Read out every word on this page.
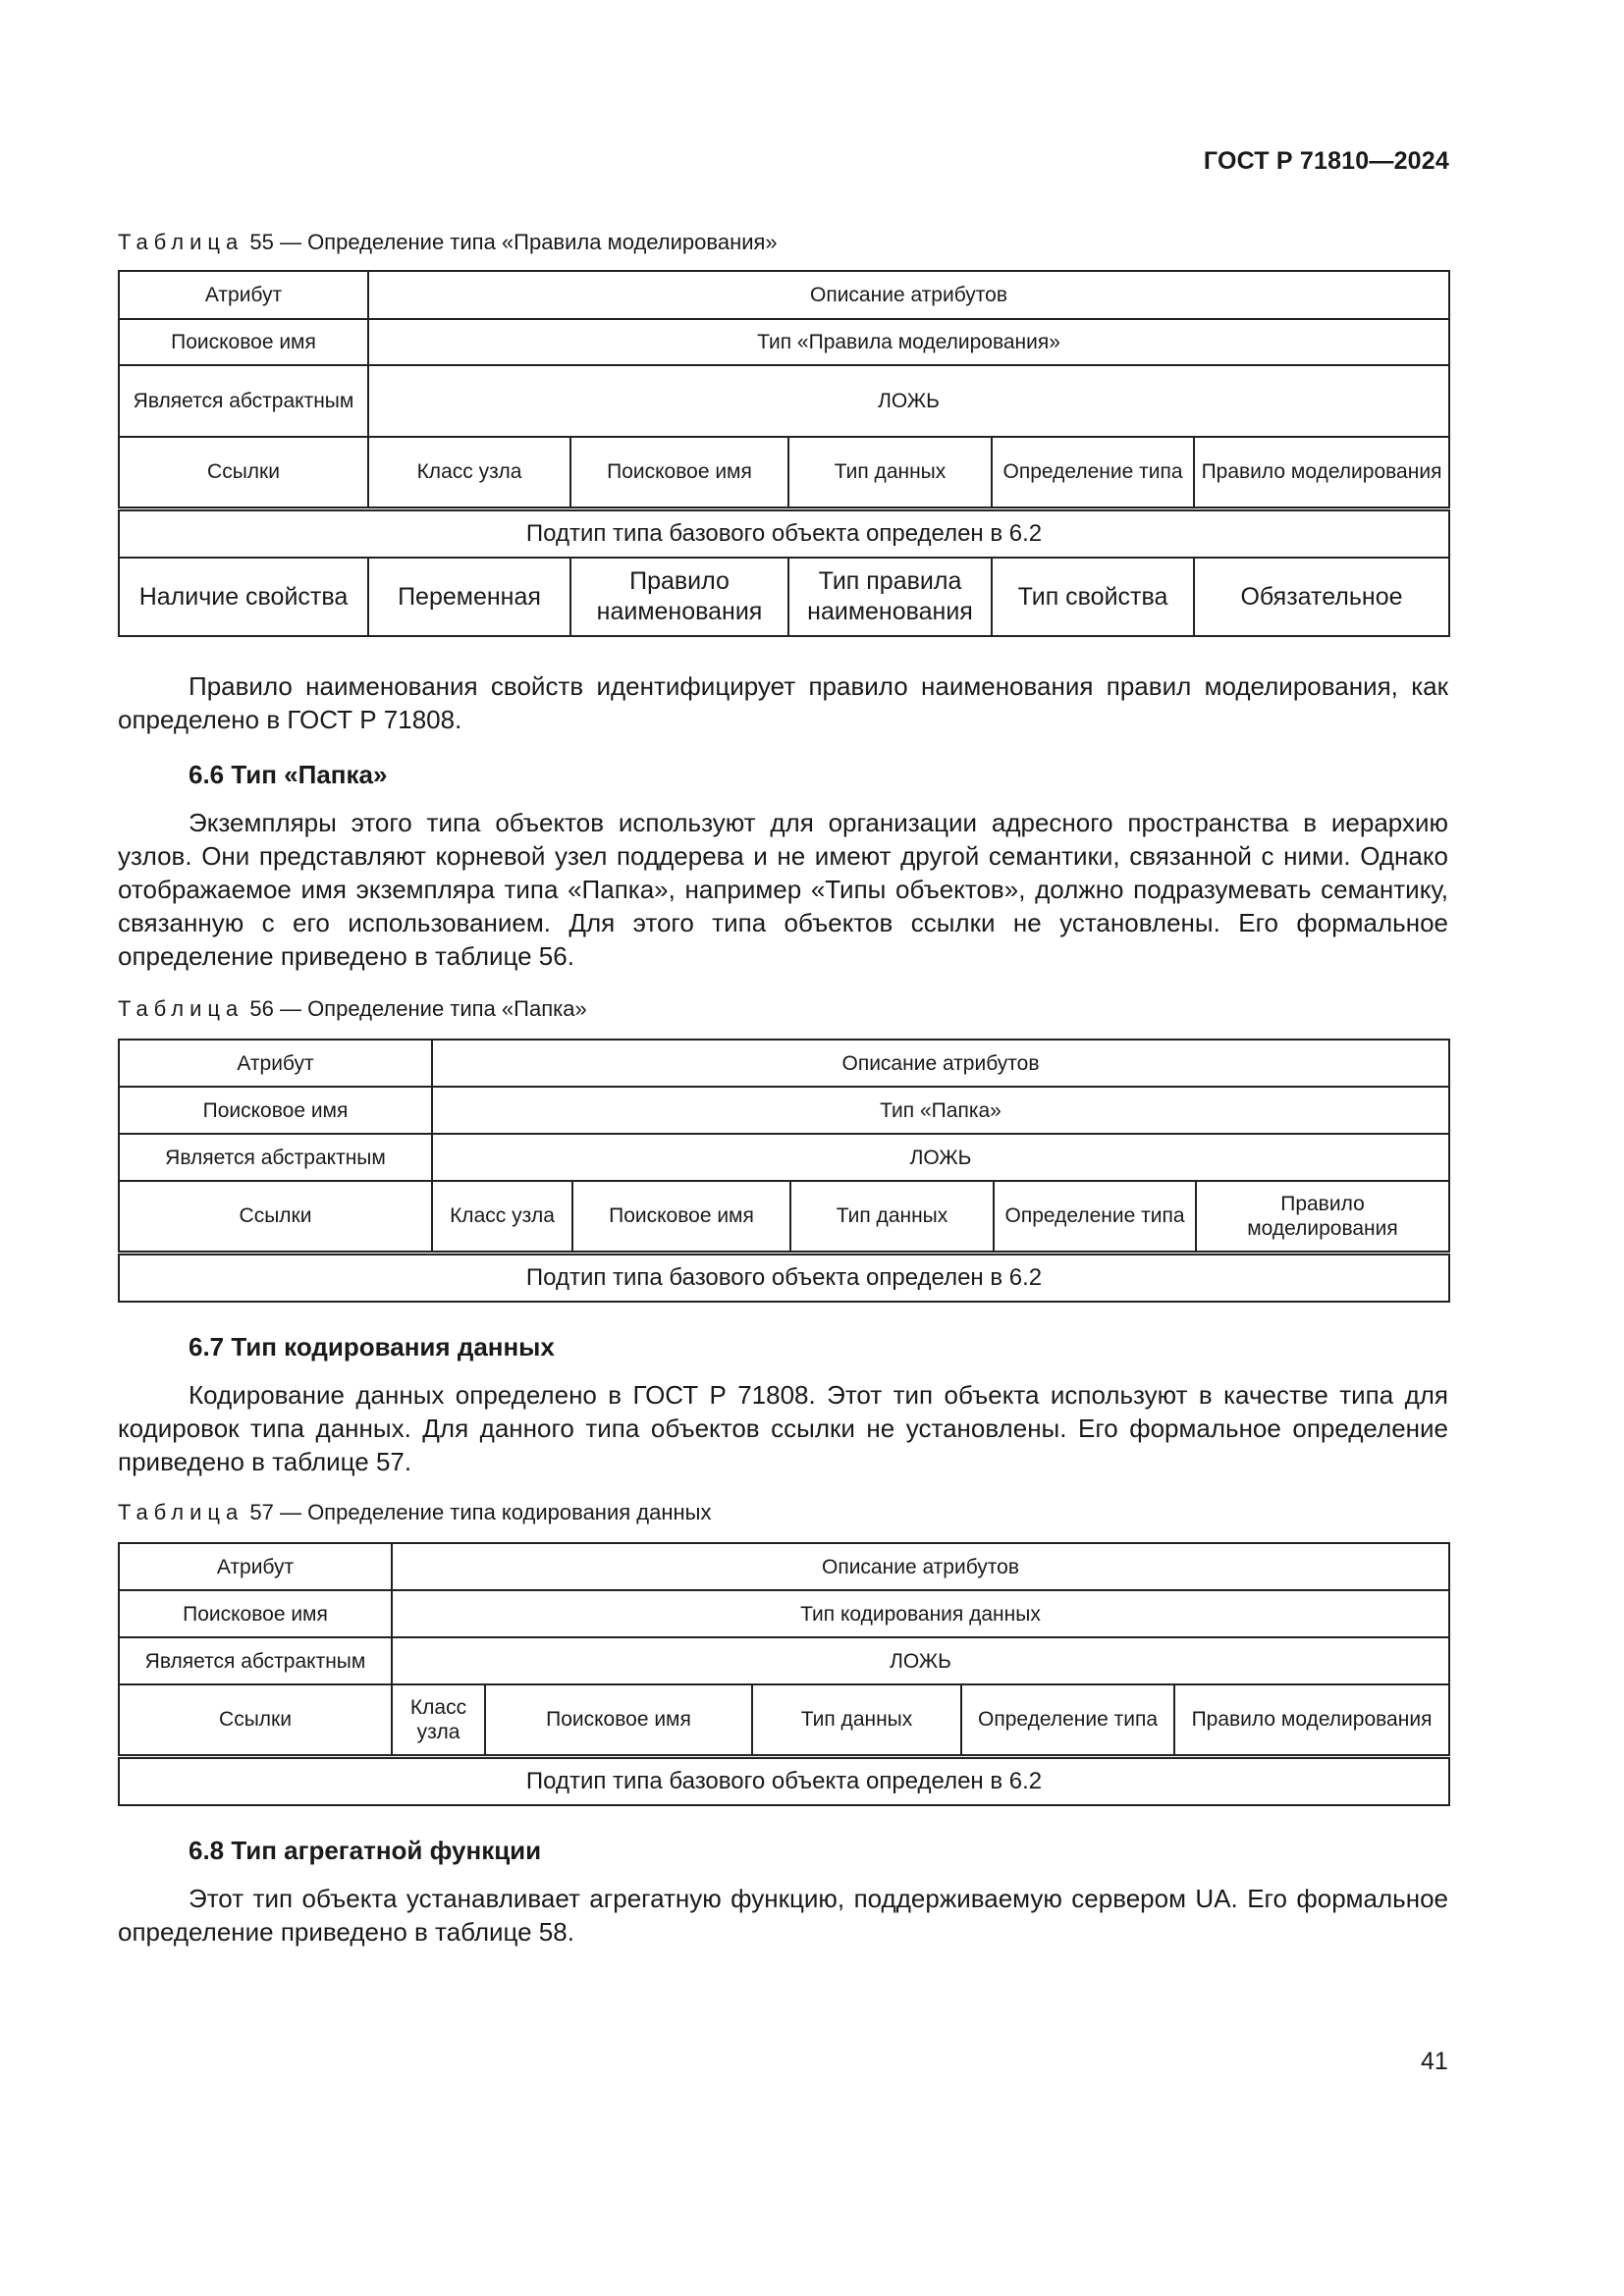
ГОСТ Р 71810—2024
Таблица 55 — Определение типа «Правила моделирования»
Атрибут	Описание атрибутов				
Поисковое имя	Тип «Правила моделирования»				
Является абстрактным	ЛОЖЬ				
Ссылки	Класс узла	Поисковое имя	Тип данных	Определение типа	Правило моделирования
Подтип типа базового объекта определен в 6.2					
Наличие свойства	Переменная	Правило наименования	Тип правила наименования	Тип свойства	Обязательное
Правило наименования свойств идентифицирует правило наименования правил моделирования, как определено в ГОСТ Р 71808.
6.6 Тип «Папка»
Экземпляры этого типа объектов используют для организации адресного пространства в иерархию узлов. Они представляют корневой узел поддерева и не имеют другой семантики, связанной с ними. Однако отображаемое имя экземпляра типа «Папка», например «Типы объектов», должно подразумевать семантику, связанную с его использованием. Для этого типа объектов ссылки не установлены. Его формальное определение приведено в таблице 56.
Таблица 56 — Определение типа «Папка»
Атрибут	Описание атрибутов				
Поисковое имя	Тип «Папка»				
Является абстрактным	ЛОЖЬ				
Ссылки	Класс узла	Поисковое имя	Тип данных	Определение типа	Правило моделирования
Подтип типа базового объекта определен в 6.2					
6.7 Тип кодирования данных
Кодирование данных определено в ГОСТ Р 71808. Этот тип объекта используют в качестве типа для кодировок типа данных. Для данного типа объектов ссылки не установлены. Его формальное определение приведено в таблице 57.
Таблица 57 — Определение типа кодирования данных
Атрибут	Описание атрибутов				
Поисковое имя	Тип кодирования данных				
Является абстрактным	ЛОЖЬ				
Ссылки	Класс узла	Поисковое имя	Тип данных	Определение типа	Правило моделирования
Подтип типа базового объекта определен в 6.2					
6.8 Тип агрегатной функции
Этот тип объекта устанавливает агрегатную функцию, поддерживаемую сервером UA. Его формальное определение приведено в таблице 58.
41
